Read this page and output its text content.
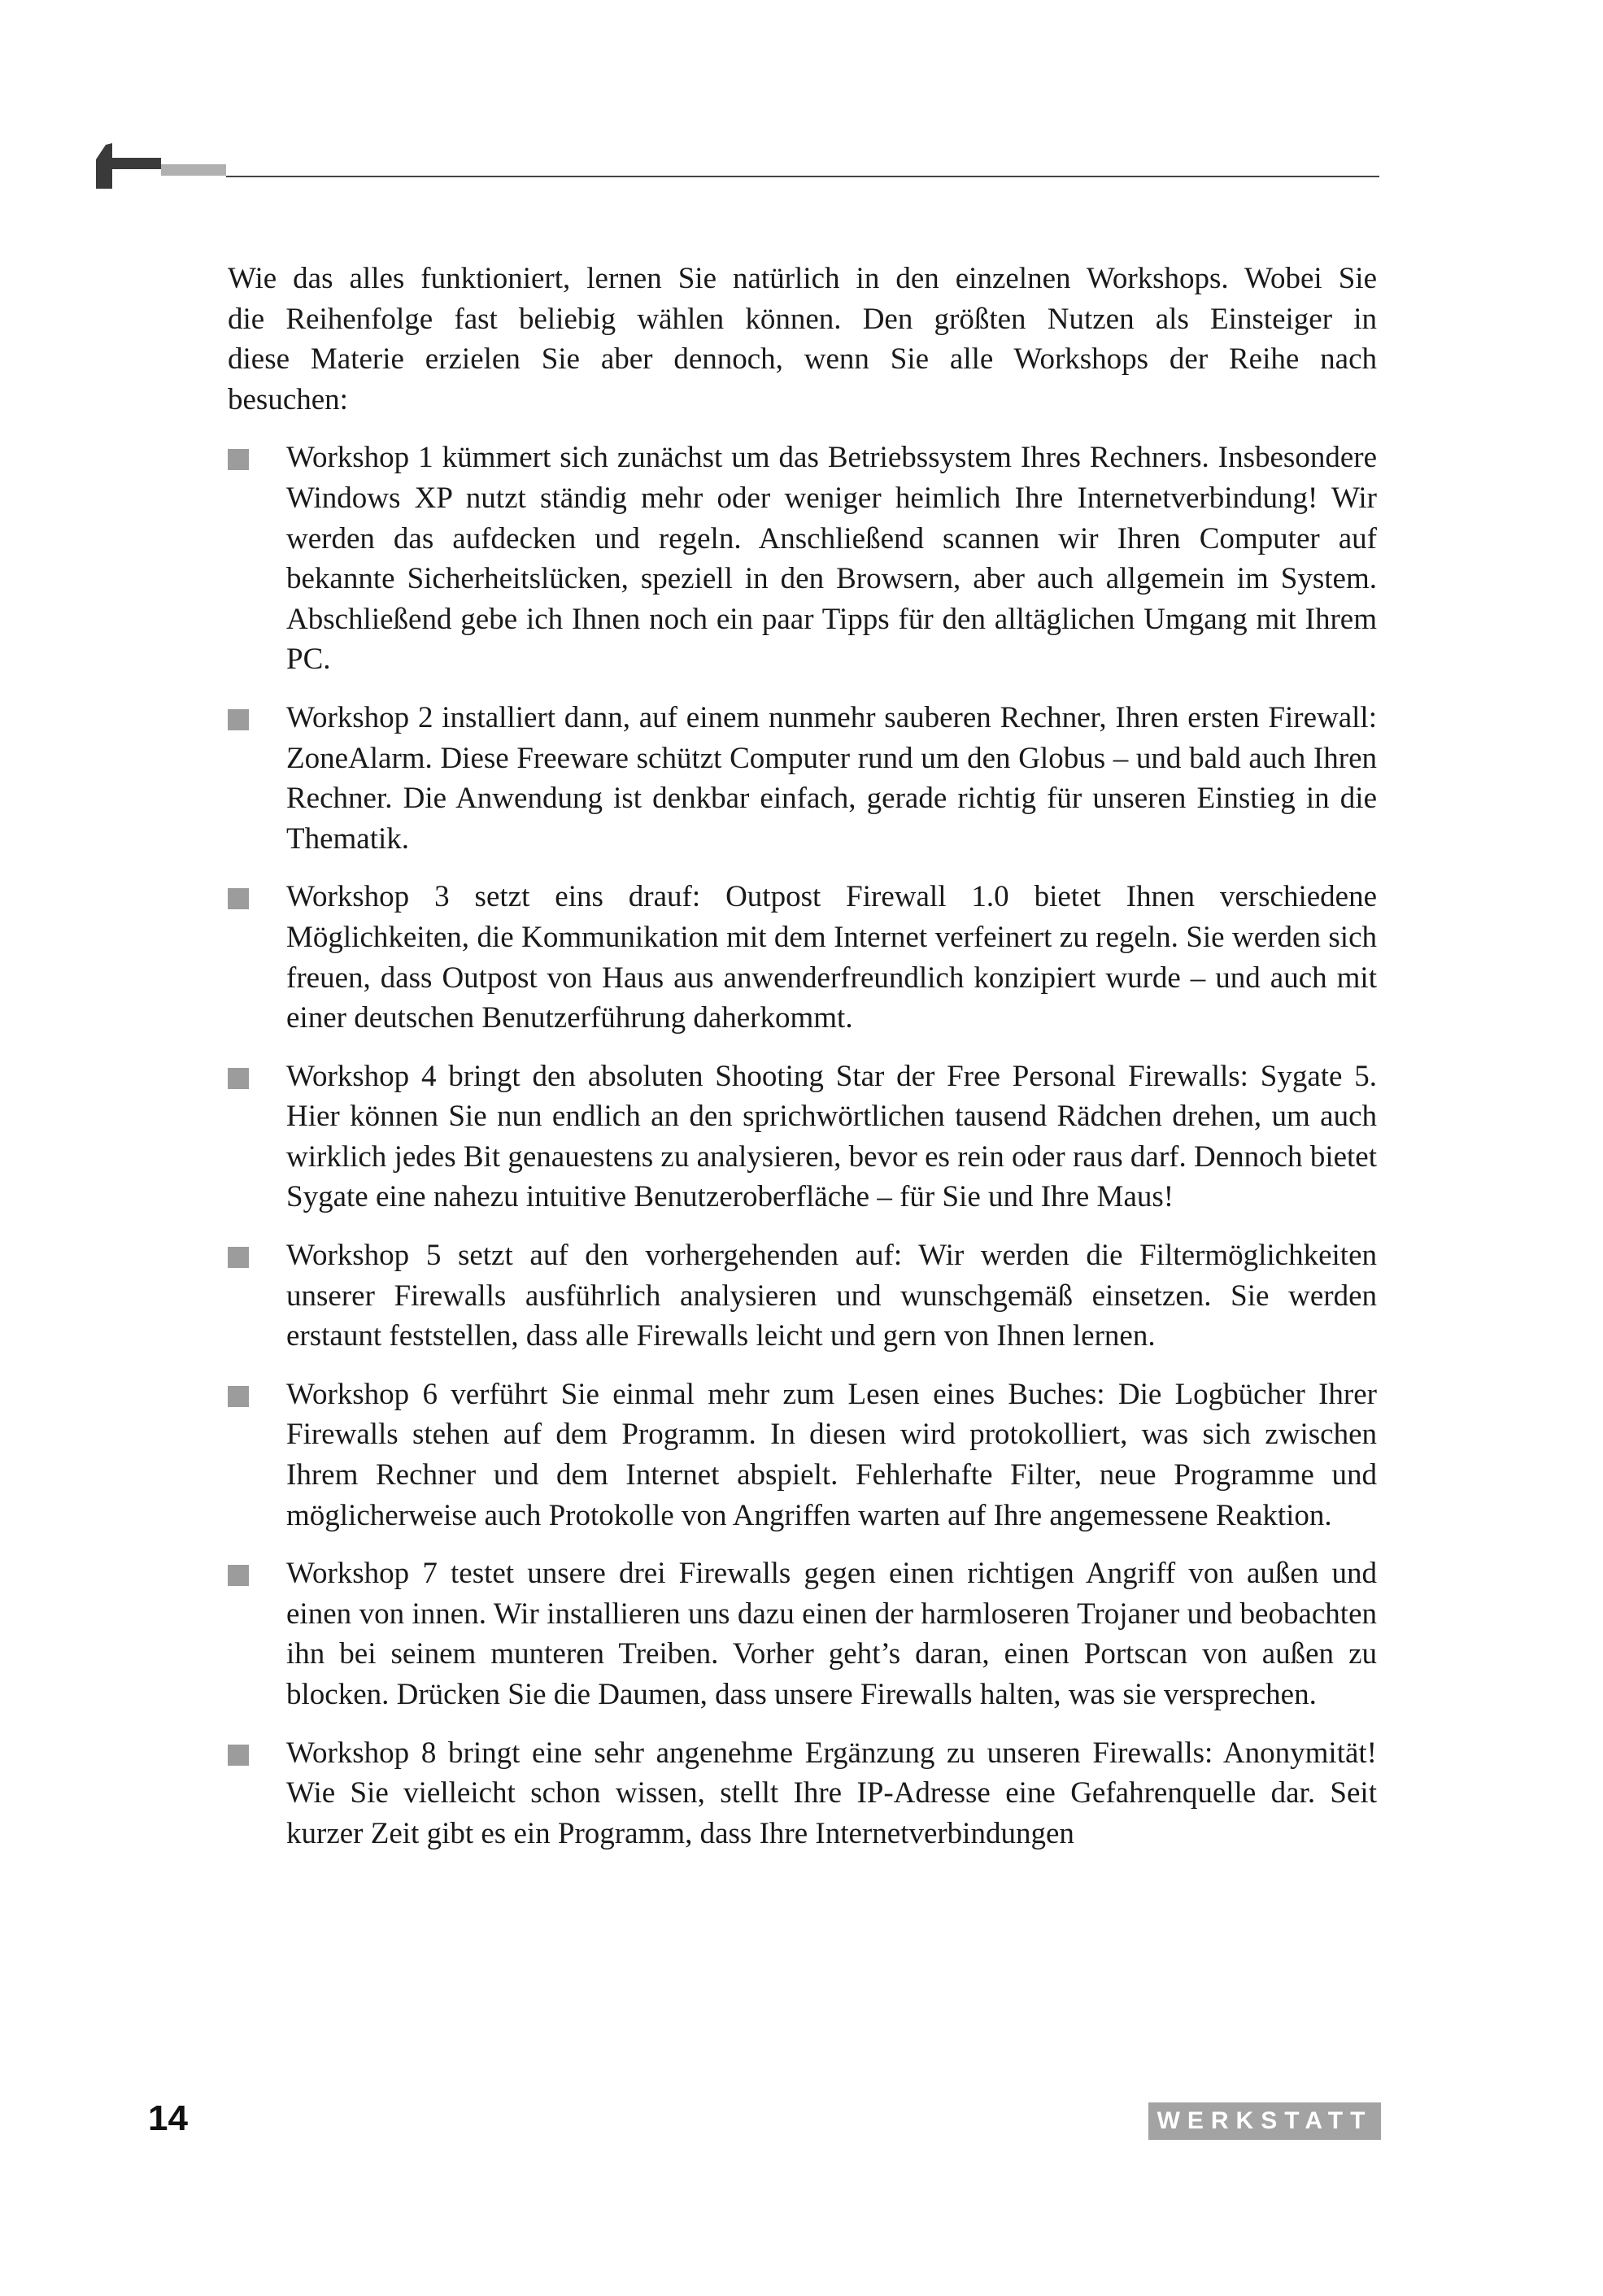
Wie das alles funktioniert, lernen Sie natürlich in den einzelnen Workshops. Wobei Sie
die Reihenfolge fast beliebig wählen können. Den größten Nutzen als Einsteiger in
diese Materie erzielen Sie aber dennoch, wenn Sie alle Workshops der Reihe nach
besuchen:

Workshop 1 kümmert sich zunächst um das Betriebssystem Ihres Rechners. Insbesondere Windows XP nutzt ständig mehr oder weniger heimlich Ihre Internetverbindung! Wir werden das aufdecken und regeln. Anschließend scannen wir Ihren Computer auf bekannte Sicherheitslücken, speziell in den Browsern, aber auch allgemein im System. Abschließend gebe ich Ihnen noch ein paar Tipps für den alltäglichen Umgang mit Ihrem PC.
Workshop 2 installiert dann, auf einem nunmehr sauberen Rechner, Ihren ersten Firewall: ZoneAlarm. Diese Freeware schützt Computer rund um den Globus – und bald auch Ihren Rechner. Die Anwendung ist denkbar einfach, gerade richtig für unseren Einstieg in die Thematik.
Workshop 3 setzt eins drauf: Outpost Firewall 1.0 bietet Ihnen verschiedene Möglichkeiten, die Kommunikation mit dem Internet verfeinert zu regeln. Sie werden sich freuen, dass Outpost von Haus aus anwenderfreundlich konzipiert wurde – und auch mit einer deutschen Benutzerführung daherkommt.
Workshop 4 bringt den absoluten Shooting Star der Free Personal Firewalls: Sygate 5. Hier können Sie nun endlich an den sprichwörtlichen tausend Rädchen drehen, um auch wirklich jedes Bit genauestens zu analysieren, bevor es rein oder raus darf. Dennoch bietet Sygate eine nahezu intuitive Benutzeroberfläche – für Sie und Ihre Maus!
Workshop 5 setzt auf den vorhergehenden auf: Wir werden die Filtermöglichkeiten unserer Firewalls ausführlich analysieren und wunschgemäß einsetzen. Sie werden erstaunt feststellen, dass alle Firewalls leicht und gern von Ihnen lernen.
Workshop 6 verführt Sie einmal mehr zum Lesen eines Buches: Die Logbücher Ihrer Firewalls stehen auf dem Programm. In diesen wird protokolliert, was sich zwischen Ihrem Rechner und dem Internet abspielt. Fehlerhafte Filter, neue Programme und möglicherweise auch Protokolle von Angriffen warten auf Ihre angemessene Reaktion.
Workshop 7 testet unsere drei Firewalls gegen einen richtigen Angriff von außen und einen von innen. Wir installieren uns dazu einen der harmloseren Trojaner und beobachten ihn bei seinem munteren Treiben. Vorher geht’s daran, einen Portscan von außen zu blocken. Drücken Sie die Daumen, dass unsere Firewalls halten, was sie versprechen.
Workshop 8 bringt eine sehr angenehme Ergänzung zu unseren Firewalls: Anonymität! Wie Sie vielleicht schon wissen, stellt Ihre IP-Adresse eine Gefahrenquelle dar. Seit kurzer Zeit gibt es ein Programm, dass Ihre Internetverbindungen
14	WERKSTATT
